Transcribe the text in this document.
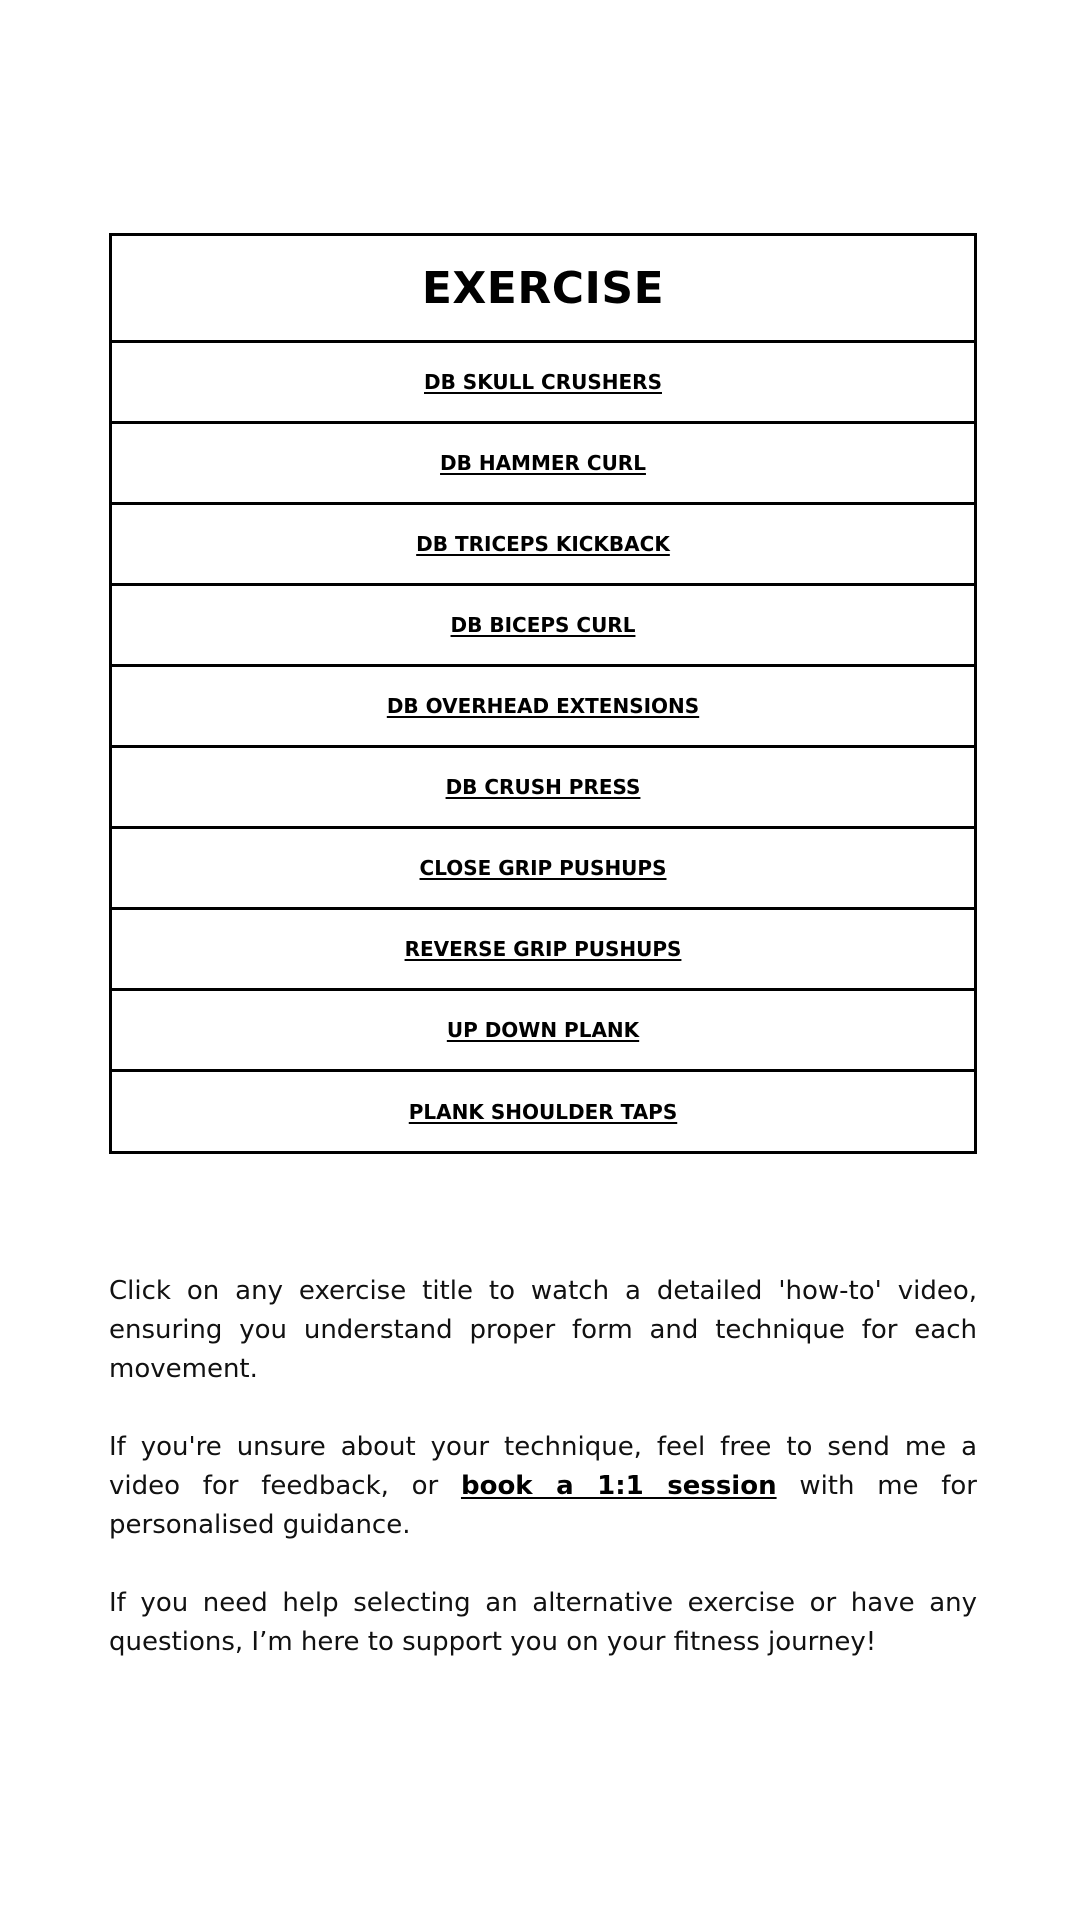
EXERCISE
DB SKULL CRUSHERS
DB HAMMER CURL
DB TRICEPS KICKBACK
DB BICEPS CURL
DB OVERHEAD EXTENSIONS
DB CRUSH PRESS
CLOSE GRIP PUSHUPS
REVERSE GRIP PUSHUPS
UP DOWN PLANK
PLANK SHOULDER TAPS

Click on any exercise title to watch a detailed 'how-to' video, ensuring you understand proper form and technique for each movement.

If you're unsure about your technique, feel free to send me a video for feedback, or book a 1:1 session with me for personalised guidance.

If you need help selecting an alternative exercise or have any questions, I’m here to support you on your fitness journey!
